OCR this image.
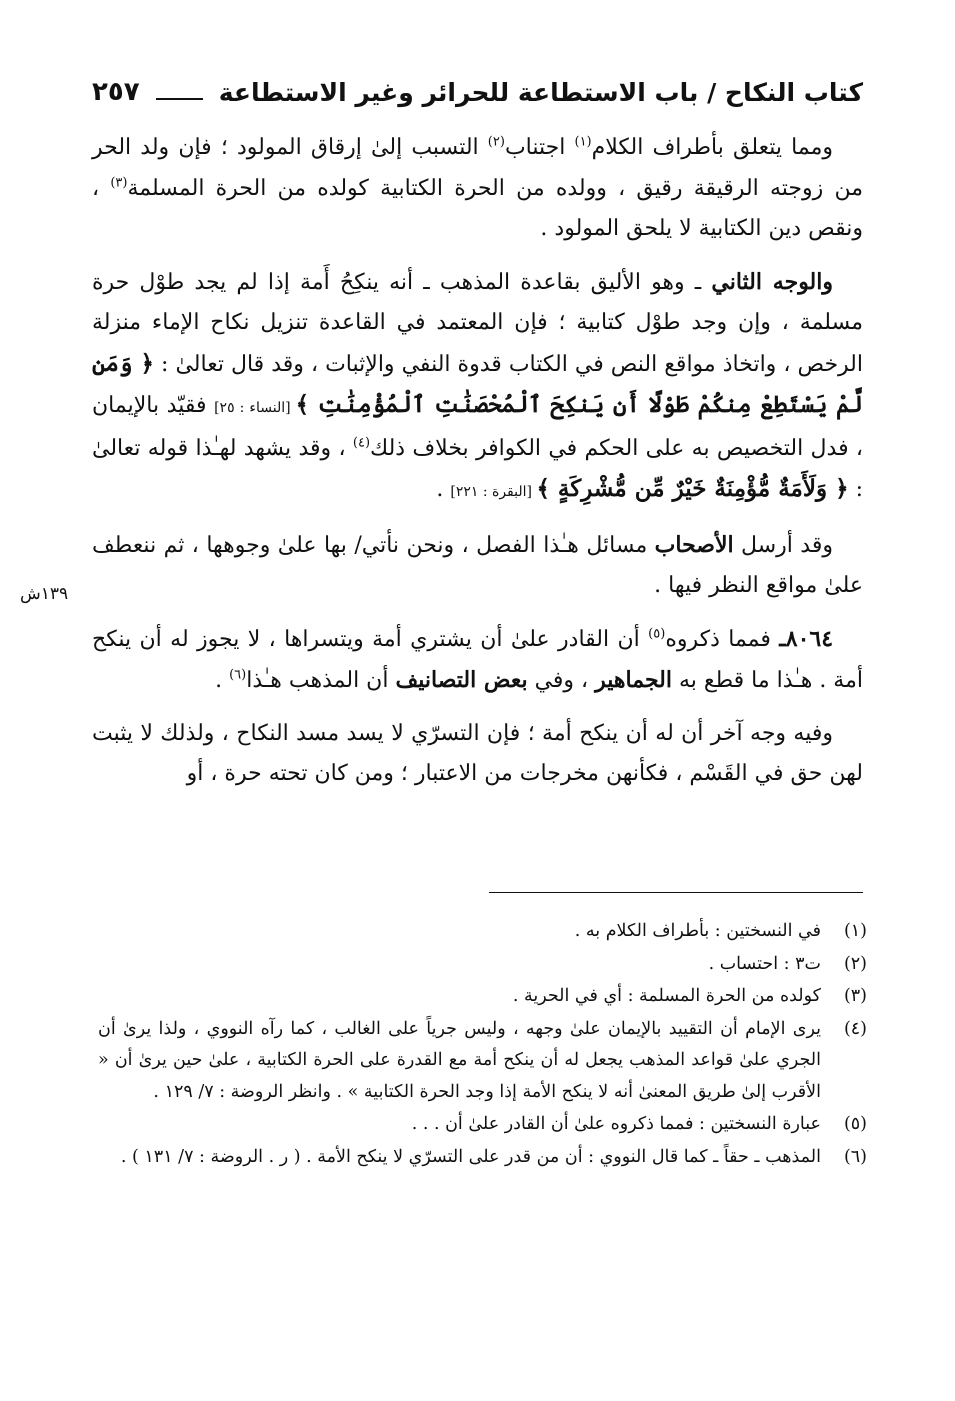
كتاب النكاح / باب الاستطاعة للحرائر وغير الاستطاعة
٢٥٧

ومما يتعلق بأطراف الكلام$^{(١)}$ اجتناب$^{(٢)}$ التسبب إلىٰ إرقاق المولود ؛ فإن ولد الحر من زوجته الرقيقة رقيق ، وولده من الحرة الكتابية كولده من الحرة المسلمة$^{(٣)}$ ، ونقص دين الكتابية لا يلحق المولود .

والوجه الثاني ـ وهو الأليق بقاعدة المذهب ـ أنه ينكِحُ أَمة إذا لم يجد طوْل حرة مسلمة ، وإن وجد طوْل كتابية ؛ فإن المعتمد في القاعدة تنزيل نكاح الإماء منزلة الرخص ، واتخاذ مواقع النص في الكتاب قدوة النفي والإثبات ، وقد قال تعالىٰ : ﴿ وَمَن لَّمْ يَسْتَطِعْ مِنكُمْ طَوْلًا أَن يَنكِحَ ٱلْمُحْصَنَٰتِ ٱلْمُؤْمِنَٰتِ ﴾ [النساء : ٢٥] فقيّد بالإيمان ، فدل التخصيص به على الحكم في الكوافر بخلاف ذلك$^{(٤)}$ ، وقد يشهد لهـٰذا قوله تعالىٰ : ﴿ وَلَأَمَةٌ مُّؤْمِنَةٌ خَيْرٌ مِّن مُّشْرِكَةٍ ﴾ [البقرة : ٢٢١] .

وقد أرسل الأصحاب مسائل هـٰذا الفصل ، ونحن نأتي/ بها علىٰ وجوهها ، ثم ننعطف علىٰ مواقع النظر فيها .

٨٠٦٤ـ فمما ذكروه$^{(٥)}$ أن القادر علىٰ أن يشتري أمة ويتسراها ، لا يجوز له أن ينكح أمة . هـٰذا ما قطع به الجماهير ، وفي بعض التصانيف أن المذهب هـٰذا$^{(٦)}$ .

وفيه وجه آخر أن له أن ينكح أمة ؛ فإن التسرّي لا يسد مسد النكاح ، ولذلك لا يثبت لهن حق في القَسْم ، فكأنهن مخرجات من الاعتبار ؛ ومن كان تحته حرة ، أو

١٣٩ش
(١)
في النسختين : بأطراف الكلام به .
(٢)
ت٣ : احتساب .
(٣)
كولده من الحرة المسلمة : أي في الحرية .
(٤)
يرى الإمام أن التقييد بالإيمان علىٰ وجهه ، وليس جرياً على الغالب ، كما رآه النووي ، ولذا يرىٰ أن الجري علىٰ قواعد المذهب يجعل له أن ينكح أمة مع القدرة على الحرة الكتابية ، علىٰ حين يرىٰ أن « الأقرب إلىٰ طريق المعنىٰ أنه لا ينكح الأمة إذا وجد الحرة الكتابية » . وانظر الروضة : ٧/ ١٢٩ .
(٥)
عبارة النسختين : فمما ذكروه علىٰ أن القادر علىٰ أن . . .
(٦)
المذهب ـ حقاً ـ كما قال النووي : أن من قدر على التسرّي لا ينكح الأمة . ( ر . الروضة : ٧/ ١٣١ ) .
